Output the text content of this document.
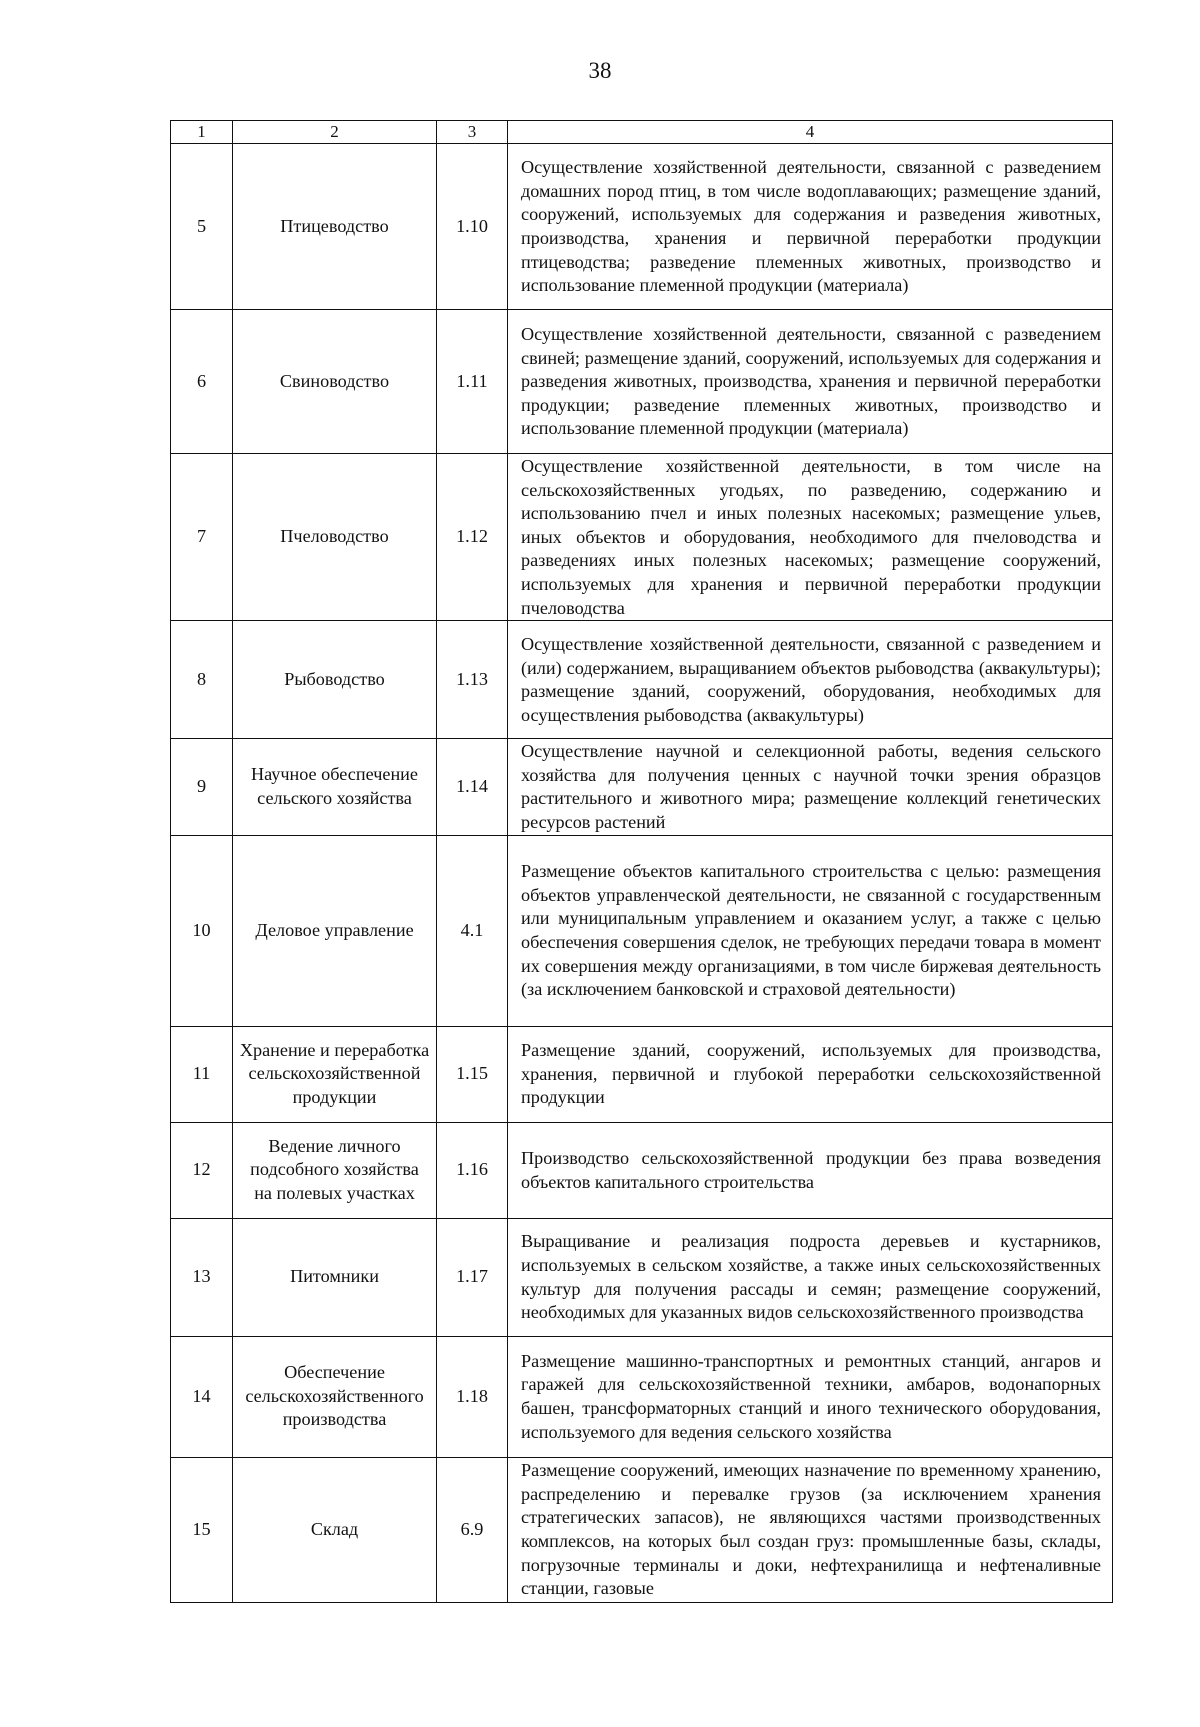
38
1	2	3	4
5	Птицеводство	1.10	Осуществление хозяйственной деятельности, связанной с разведением домашних пород птиц, в том числе водоплавающих; размещение зданий, сооружений, используемых для содержания и разведения животных, производства, хранения и первичной переработки продукции птицеводства; разведение племенных животных, производство и использование племенной продукции (материала)

6	Свиноводство	1.11	Осуществление хозяйственной деятельности, связанной с разведением свиней; размещение зданий, сооружений, используемых для содержания и разведения животных, производства, хранения и первичной переработки продукции; разведение племенных животных, производство и использование племенной продукции (материала)

7	Пчеловодство	1.12	Осуществление хозяйственной деятельности, в том числе на сельскохозяйственных угодьях, по разведению, содержанию и использованию пчел и иных полезных насекомых; размещение ульев, иных объектов и оборудования, необходимого для пчеловодства и разведениях иных полезных насекомых; размещение сооружений, используемых для хранения и первичной переработки продукции пчеловодства

8	Рыбоводство	1.13	Осуществление хозяйственной деятельности, связанной с разведением и (или) содержанием, выращиванием объектов рыбоводства (аквакультуры); размещение зданий, сооружений, оборудования, необходимых для осуществления рыбоводства (аквакультуры)

9	Научное обеспечение сельского хозяйства	1.14	Осуществление научной и селекционной работы, ведения сельского хозяйства для получения ценных с научной точки зрения образцов растительного и животного мира; размещение коллекций генетических ресурсов растений

10	Деловое управление	4.1	Размещение объектов капитального строительства с целью: размещения объектов управленческой деятельности, не связанной с государственным или муниципальным управлением и оказанием услуг, а также с целью обеспечения совершения сделок, не требующих передачи товара в момент их совершения между организациями, в том числе биржевая деятельность (за исключением банковской и страховой деятельности)

11	Хранение и переработка сельскохозяйственной продукции	1.15	Размещение зданий, сооружений, используемых для производства, хранения, первичной и глубокой переработки сельскохозяйственной продукции

12	Ведение личного подсобного хозяйства на полевых участках	1.16	Производство сельскохозяйственной продукции без права возведения объектов капитального строительства

13	Питомники	1.17	Выращивание и реализация подроста деревьев и кустарников, используемых в сельском хозяйстве, а также иных сельскохозяйственных культур для получения рассады и семян; размещение сооружений, необходимых для указанных видов сельскохозяйственного производства

14	Обеспечение сельскохозяйственного производства	1.18	Размещение машинно-транспортных и ремонтных станций, ангаров и гаражей для сельскохозяйственной техники, амбаров, водонапорных башен, трансформаторных станций и иного технического оборудования, используемого для ведения сельского хозяйства

15	Склад	6.9	Размещение сооружений, имеющих назначение по временному хранению, распределению и перевалке грузов (за исключением хранения стратегических запасов), не являющихся частями производственных комплексов, на которых был создан груз: промышленные базы, склады, погрузочные терминалы и доки, нефтехранилища и нефтеналивные станции, газовые
